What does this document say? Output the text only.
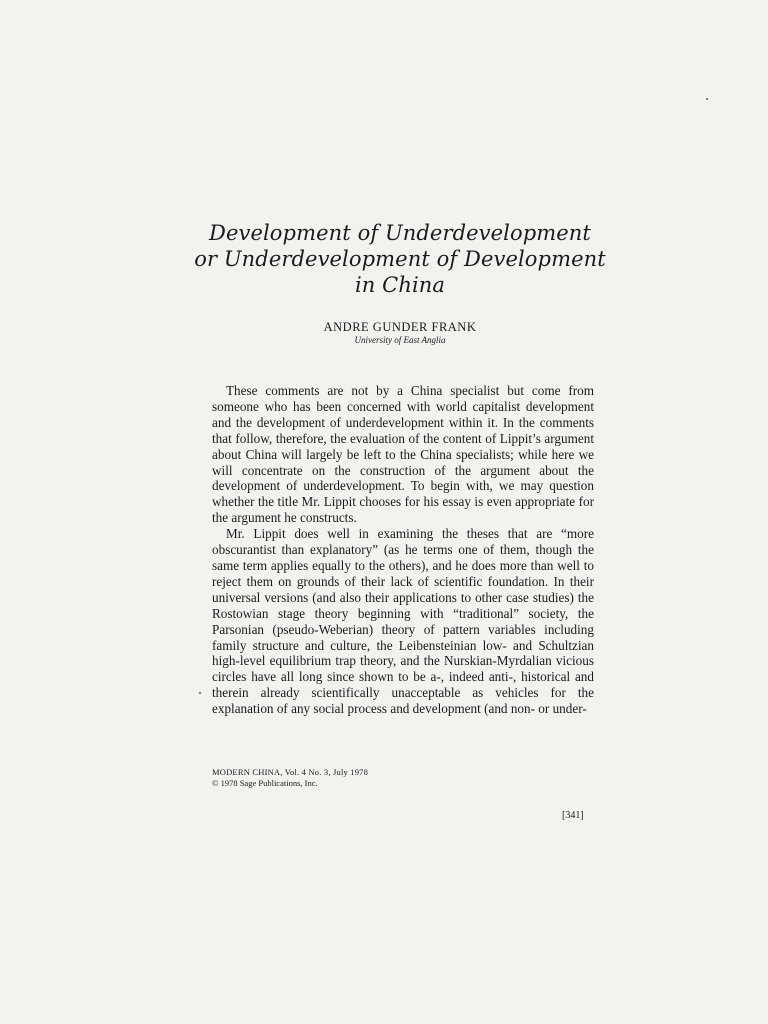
Development of Underdevelopment
or Underdevelopment of Development
in China
ANDRE GUNDER FRANK
University of East Anglia

These comments are not by a China specialist but come from someone who has been concerned with world capitalist development and the development of underdevelopment within it. In the comments that follow, therefore, the evaluation of the content of Lippit’s argument about China will largely be left to the China specialists; while here we will concentrate on the construction of the argument about the development of underdevelopment. To begin with, we may question whether the title Mr. Lippit chooses for his essay is even appropriate for the argument he constructs.

Mr. Lippit does well in examining the theses that are “more obscurantist than explanatory” (as he terms one of them, though the same term applies equally to the others), and he does more than well to reject them on grounds of their lack of scientific foundation. In their universal versions (and also their applications to other case studies) the Rostowian stage theory beginning with “traditional” society, the Parsonian (pseudo-Weberian) theory of pattern variables including family structure and culture, the Leibensteinian low- and Schultzian high-level equilibrium trap theory, and the Nurskian-Myrdalian vicious circles have all long since shown to be a-, indeed anti-, historical and therein already scientifically unacceptable as vehicles for the explanation of any social process and development (and non- or under-

MODERN CHINA, Vol. 4 No. 3, July 1978
© 1978 Sage Publications, Inc.
[341]
